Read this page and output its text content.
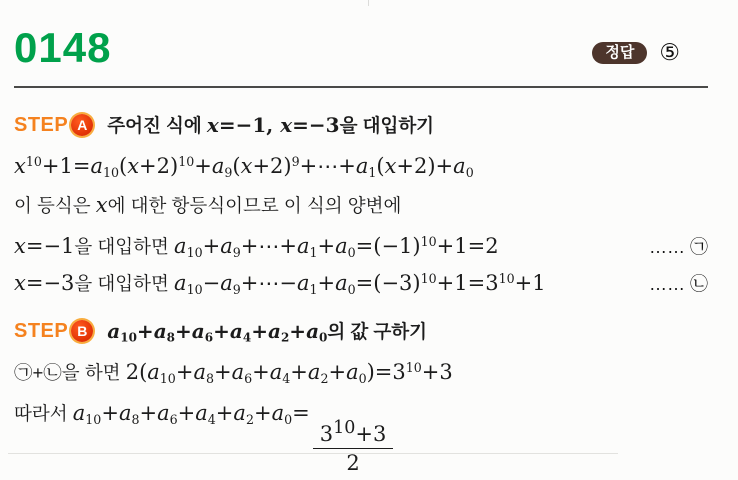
0148	정답	⑤
STEP A	주어진 식에 x=−1, x=−3을 대입하기
$x^{10}+1=a_{10}(x+2)^{10}+a_9(x+2)^9+\cdots+a_1(x+2)+a_0$
이 등식은 x에 대한 항등식이므로 이 식의 양변에
x=−1을 대입하면 $a_{10}+a_9+\cdots+a_1+a_0=(-1)^{10}+1=2$	…… ㉠
x=−3을 대입하면 $a_{10}-a_9+\cdots-a_1+a_0=(-3)^{10}+1=3^{10}+1$	…… ㉡
STEP B $a_{10}+a_8+a_6+a_4+a_2+a_0$의 값 구하기
㉠+㉡을 하면 $2(a_{10}+a_8+a_6+a_4+a_2+a_0)=3^{10}+3$
따라서 $a_{10}+a_8+a_6+a_4+a_2+a_0=$
$\frac{3^{10}+3}{2}$
